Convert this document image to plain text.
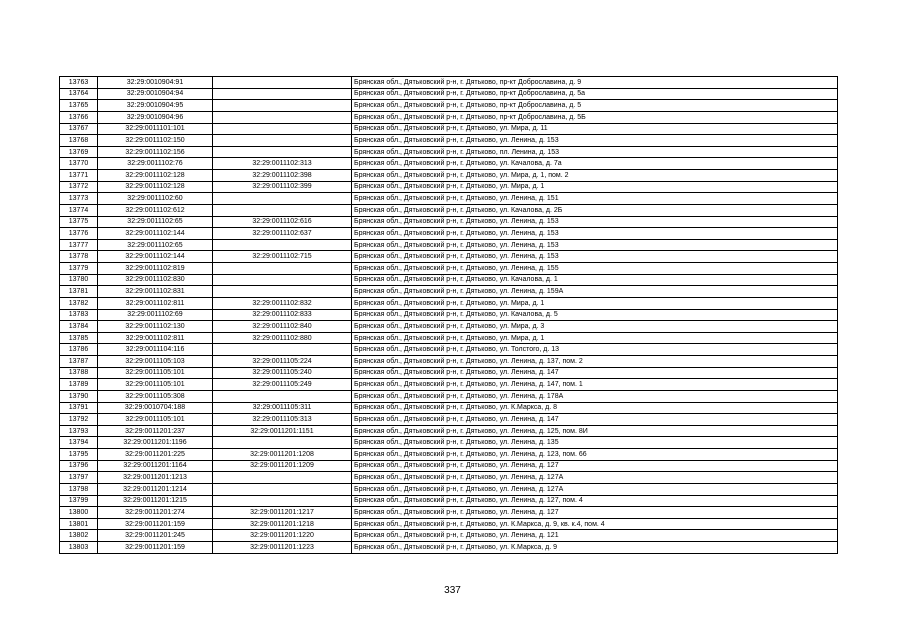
13763	32:29:0010904:91		Брянская обл., Дятьковский р-н, г. Дятьково, пр-кт Доброславина, д. 9
13764	32:29:0010904:94		Брянская обл., Дятьковский р-н, г. Дятьково, пр-кт Доброславина, д. 5а
13765	32:29:0010904:95		Брянская обл., Дятьковский р-н, г. Дятьково, пр-кт Доброславина, д. 5
13766	32:29:0010904:96		Брянская обл., Дятьковский р-н, г. Дятьково, пр-кт Доброславина, д. 5Б
13767	32:29:0011101:101		Брянская обл., Дятьковский р-н, г. Дятьково, ул. Мира, д. 11
13768	32:29:0011102:150		Брянская обл., Дятьковский р-н, г. Дятьково, ул. Ленина, д. 153
13769	32:29:0011102:156		Брянская обл., Дятьковский р-н, г. Дятьково, пл. Ленина, д. 153
13770	32:29:0011102:76	32:29:0011102:313	Брянская обл., Дятьковский р-н, г. Дятьково, ул. Качалова, д. 7а
13771	32:29:0011102:128	32:29:0011102:398	Брянская обл., Дятьковский р-н, г. Дятьково, ул. Мира, д. 1, пом. 2
13772	32:29:0011102:128	32:29:0011102:399	Брянская обл., Дятьковский р-н, г. Дятьково, ул. Мира, д. 1
13773	32:29:0011102:60		Брянская обл., Дятьковский р-н, г. Дятьково, ул. Ленина, д. 151
13774	32:29:0011102:612		Брянская обл., Дятьковский р-н, г. Дятьково, ул. Качалова, д. 2Б
13775	32:29:0011102:65	32:29:0011102:616	Брянская обл., Дятьковский р-н, г. Дятьково, ул. Ленина, д. 153
13776	32:29:0011102:144	32:29:0011102:637	Брянская обл., Дятьковский р-н, г. Дятьково, ул. Ленина, д. 153
13777	32:29:0011102:65		Брянская обл., Дятьковский р-н, г. Дятьково, ул. Ленина, д. 153
13778	32:29:0011102:144	32:29:0011102:715	Брянская обл., Дятьковский р-н, г. Дятьково, ул. Ленина, д. 153
13779	32:29:0011102:819		Брянская обл., Дятьковский р-н, г. Дятьково, ул. Ленина, д. 155
13780	32:29:0011102:830		Брянская обл., Дятьковский р-н, г. Дятьково, ул. Качалова, д. 1
13781	32:29:0011102:831		Брянская обл., Дятьковский р-н, г. Дятьково, ул. Ленина, д. 159А
13782	32:29:0011102:811	32:29:0011102:832	Брянская обл., Дятьковский р-н, г. Дятьково, ул. Мира, д. 1
13783	32:29:0011102:69	32:29:0011102:833	Брянская обл., Дятьковский р-н, г. Дятьково, ул. Качалова, д. 5
13784	32:29:0011102:130	32:29:0011102:840	Брянская обл., Дятьковский р-н, г. Дятьково, ул. Мира, д. 3
13785	32:29:0011102:811	32:29:0011102:880	Брянская обл., Дятьковский р-н, г. Дятьково, ул. Мира, д. 1
13786	32:29:0011104:116		Брянская обл., Дятьковский р-н, г. Дятьково, ул. Толстого, д. 13
13787	32:29:0011105:103	32:29:0011105:224	Брянская обл., Дятьковский р-н, г. Дятьково, ул. Ленина, д. 137, пом. 2
13788	32:29:0011105:101	32:29:0011105:240	Брянская обл., Дятьковский р-н, г. Дятьково, ул. Ленина, д. 147
13789	32:29:0011105:101	32:29:0011105:249	Брянская обл., Дятьковский р-н, г. Дятьково, ул. Ленина, д. 147, пом. 1
13790	32:29:0011105:308		Брянская обл., Дятьковский р-н, г. Дятьково, ул. Ленина, д. 178А
13791	32:29:0010704:188	32:29:0011105:311	Брянская обл., Дятьковский р-н, г. Дятьково, ул. К.Маркса, д. 8
13792	32:29:0011105:101	32:29:0011105:313	Брянская обл., Дятьковский р-н, г. Дятьково, ул. Ленина, д. 147
13793	32:29:0011201:237	32:29:0011201:1151	Брянская обл., Дятьковский р-н, г. Дятьково, ул. Ленина, д. 125, пом. 8И
13794	32:29:0011201:1196		Брянская обл., Дятьковский р-н, г. Дятьково, ул. Ленина, д. 135
13795	32:29:0011201:225	32:29:0011201:1208	Брянская обл., Дятьковский р-н, г. Дятьково, ул. Ленина, д. 123, пом. 66
13796	32:29:0011201:1164	32:29:0011201:1209	Брянская обл., Дятьковский р-н, г. Дятьково, ул. Ленина, д. 127
13797	32:29:0011201:1213		Брянская обл., Дятьковский р-н, г. Дятьково, ул. Ленина, д. 127А
13798	32:29:0011201:1214		Брянская обл., Дятьковский р-н, г. Дятьково, ул. Ленина, д. 127А
13799	32:29:0011201:1215		Брянская обл., Дятьковский р-н, г. Дятьково, ул. Ленина, д. 127, пом. 4
13800	32:29:0011201:274	32:29:0011201:1217	Брянская обл., Дятьковский р-н, г. Дятьково, ул. Ленина, д. 127
13801	32:29:0011201:159	32:29:0011201:1218	Брянская обл., Дятьковский р-н, г. Дятьково, ул. К.Маркса, д. 9, кв. к.4, пом. 4
13802	32:29:0011201:245	32:29:0011201:1220	Брянская обл., Дятьковский р-н, г. Дятьково, ул. Ленина, д. 121
13803	32:29:0011201:159	32:29:0011201:1223	Брянская обл., Дятьковский р-н, г. Дятьково, ул. К.Маркса, д. 9
337
